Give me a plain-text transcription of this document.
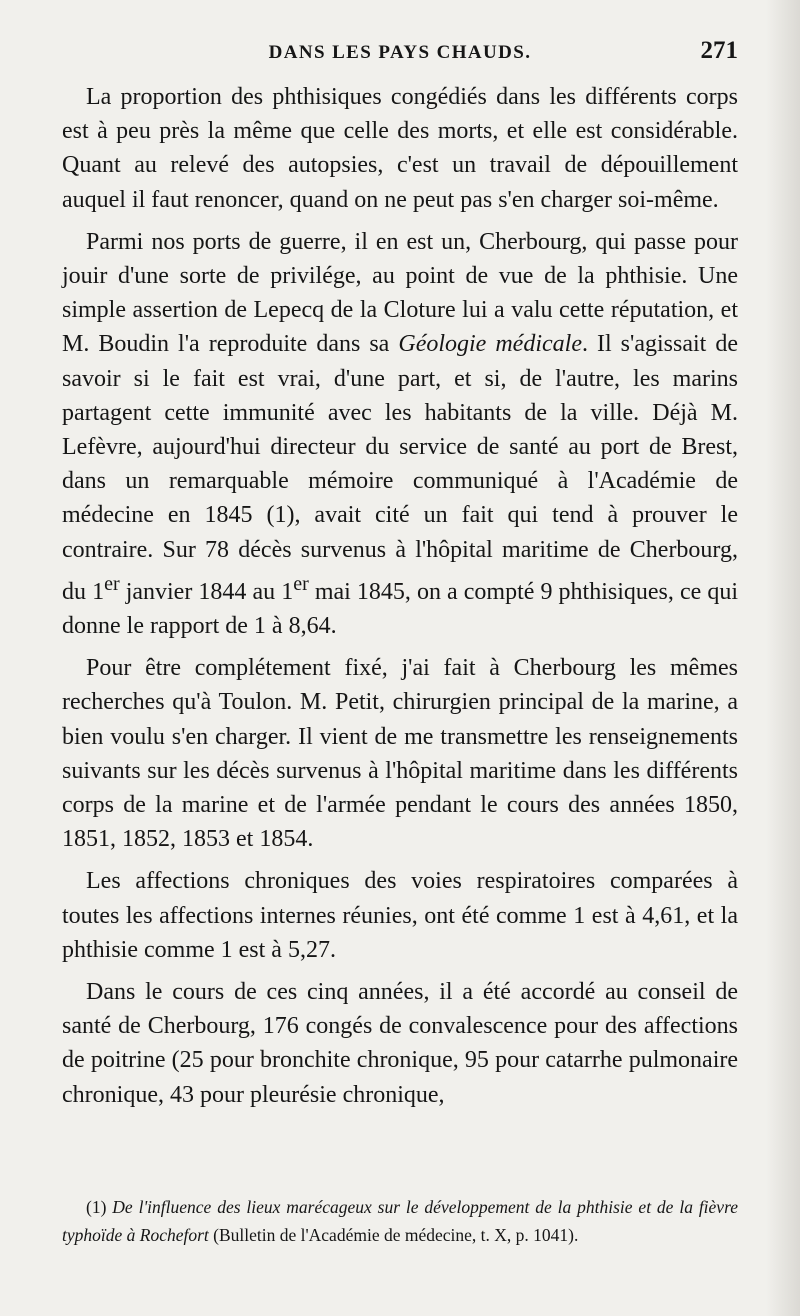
DANS LES PAYS CHAUDS.	271

La proportion des phthisiques congédiés dans les différents corps est à peu près la même que celle des morts, et elle est considérable. Quant au relevé des autopsies, c'est un travail de dépouillement auquel il faut renoncer, quand on ne peut pas s'en charger soi-même.

Parmi nos ports de guerre, il en est un, Cherbourg, qui passe pour jouir d'une sorte de privilége, au point de vue de la phthisie. Une simple assertion de Lepecq de la Cloture lui a valu cette réputation, et M. Boudin l'a reproduite dans sa Géologie médicale. Il s'agissait de savoir si le fait est vrai, d'une part, et si, de l'autre, les marins partagent cette immunité avec les habitants de la ville. Déjà M. Lefèvre, aujourd'hui directeur du service de santé au port de Brest, dans un remarquable mémoire communiqué à l'Académie de médecine en 1845 (1), avait cité un fait qui tend à prouver le contraire. Sur 78 décès survenus à l'hôpital maritime de Cherbourg, du 1er janvier 1844 au 1er mai 1845, on a compté 9 phthisiques, ce qui donne le rapport de 1 à 8,64.

Pour être complétement fixé, j'ai fait à Cherbourg les mêmes recherches qu'à Toulon. M. Petit, chirurgien principal de la marine, a bien voulu s'en charger. Il vient de me transmettre les renseignements suivants sur les décès survenus à l'hôpital maritime dans les différents corps de la marine et de l'armée pendant le cours des années 1850, 1851, 1852, 1853 et 1854.

Les affections chroniques des voies respiratoires comparées à toutes les affections internes réunies, ont été comme 1 est à 4,61, et la phthisie comme 1 est à 5,27.

Dans le cours de ces cinq années, il a été accordé au conseil de santé de Cherbourg, 176 congés de convalescence pour des affections de poitrine (25 pour bronchite chronique, 95 pour catarrhe pulmonaire chronique, 43 pour pleurésie chronique,

(1) De l'influence des lieux marécageux sur le développement de la phthisie et de la fièvre typhoïde à Rochefort (Bulletin de l'Académie de médecine, t. X, p. 1041).
